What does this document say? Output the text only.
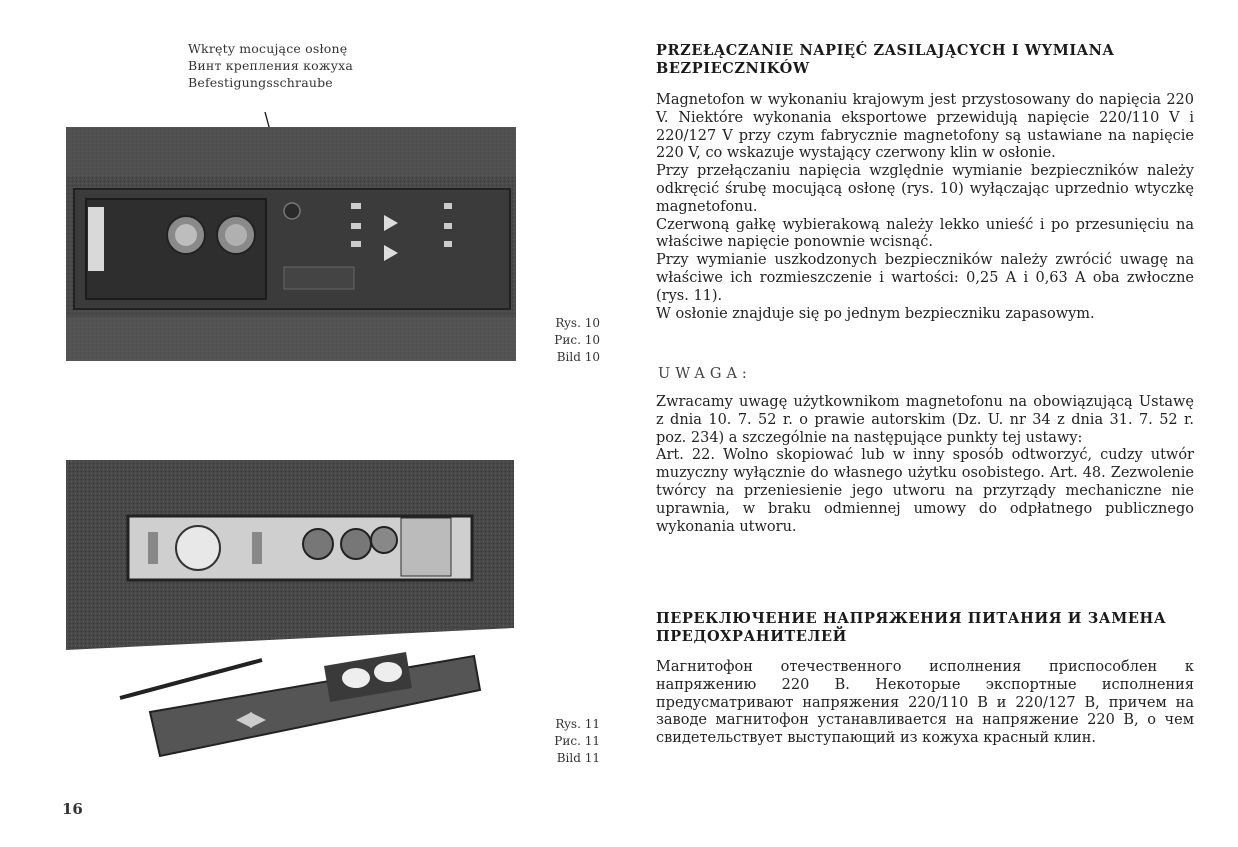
Wkręty mocujące osłonę
Винт крепления кожуха
Befestigungsschraube
Rys. 10
Рис. 10
Bild 10
Rys. 11
Рис. 11
Bild 11
16
PRZEŁĄCZANIE NAPIĘĆ ZASILAJĄCYCH I WYMIANA BEZPIECZNIKÓW

Magnetofon w wykonaniu krajowym jest przystosowany do napięcia 220 V. Niektóre wykonania eksportowe przewidują napięcie 220/110 V i 220/127 V przy czym fabrycznie magnetofony są ustawiane na napięcie 220 V, co wskazuje wystający czerwony klin w osłonie.

Przy przełączaniu napięcia względnie wymianie bezpieczników należy odkręcić śrubę mocującą osłonę (rys. 10) wyłączając uprzednio wtyczkę magnetofonu.

Czerwoną gałkę wybierakową należy lekko unieść i po przesunięciu na właściwe napięcie ponownie wcisnąć.

Przy wymianie uszkodzonych bezpieczników należy zwrócić uwagę na właściwe ich rozmieszczenie i wartości: 0,25 A i 0,63 A oba zwłoczne (rys. 11).

W osłonie znajduje się po jednym bezpieczniku zapasowym.

UWAGA:

Zwracamy uwagę użytkownikom magnetofonu na obowiązującą Ustawę z dnia 10. 7. 52 r. o prawie autorskim (Dz. U. nr 34 z dnia 31. 7. 52 r. poz. 234) a szczególnie na następujące punkty tej ustawy:

Art. 22. Wolno skopiować lub w inny sposób odtworzyć, cudzy utwór muzyczny wyłącznie do własnego użytku osobistego. Art. 48. Zezwolenie twórcy na przeniesienie jego utworu na przyrządy mechaniczne nie uprawnia, w braku odmiennej umowy do odpłatnego publicznego wykonania utworu.

ПЕРЕКЛЮЧЕНИЕ НАПРЯЖЕНИЯ ПИТАНИЯ И ЗАМЕНА ПРЕДОХРАНИТЕЛЕЙ

Магнитофон отечественного исполнения приспособлен к напряжению 220 В. Некоторые экспортные исполнения предусматривают напряжения 220/110 В и 220/127 В, причем на заводе магнитофон устанавливается на напряжение 220 В, о чем свидетельствует выступающий из кожуха красный клин.
